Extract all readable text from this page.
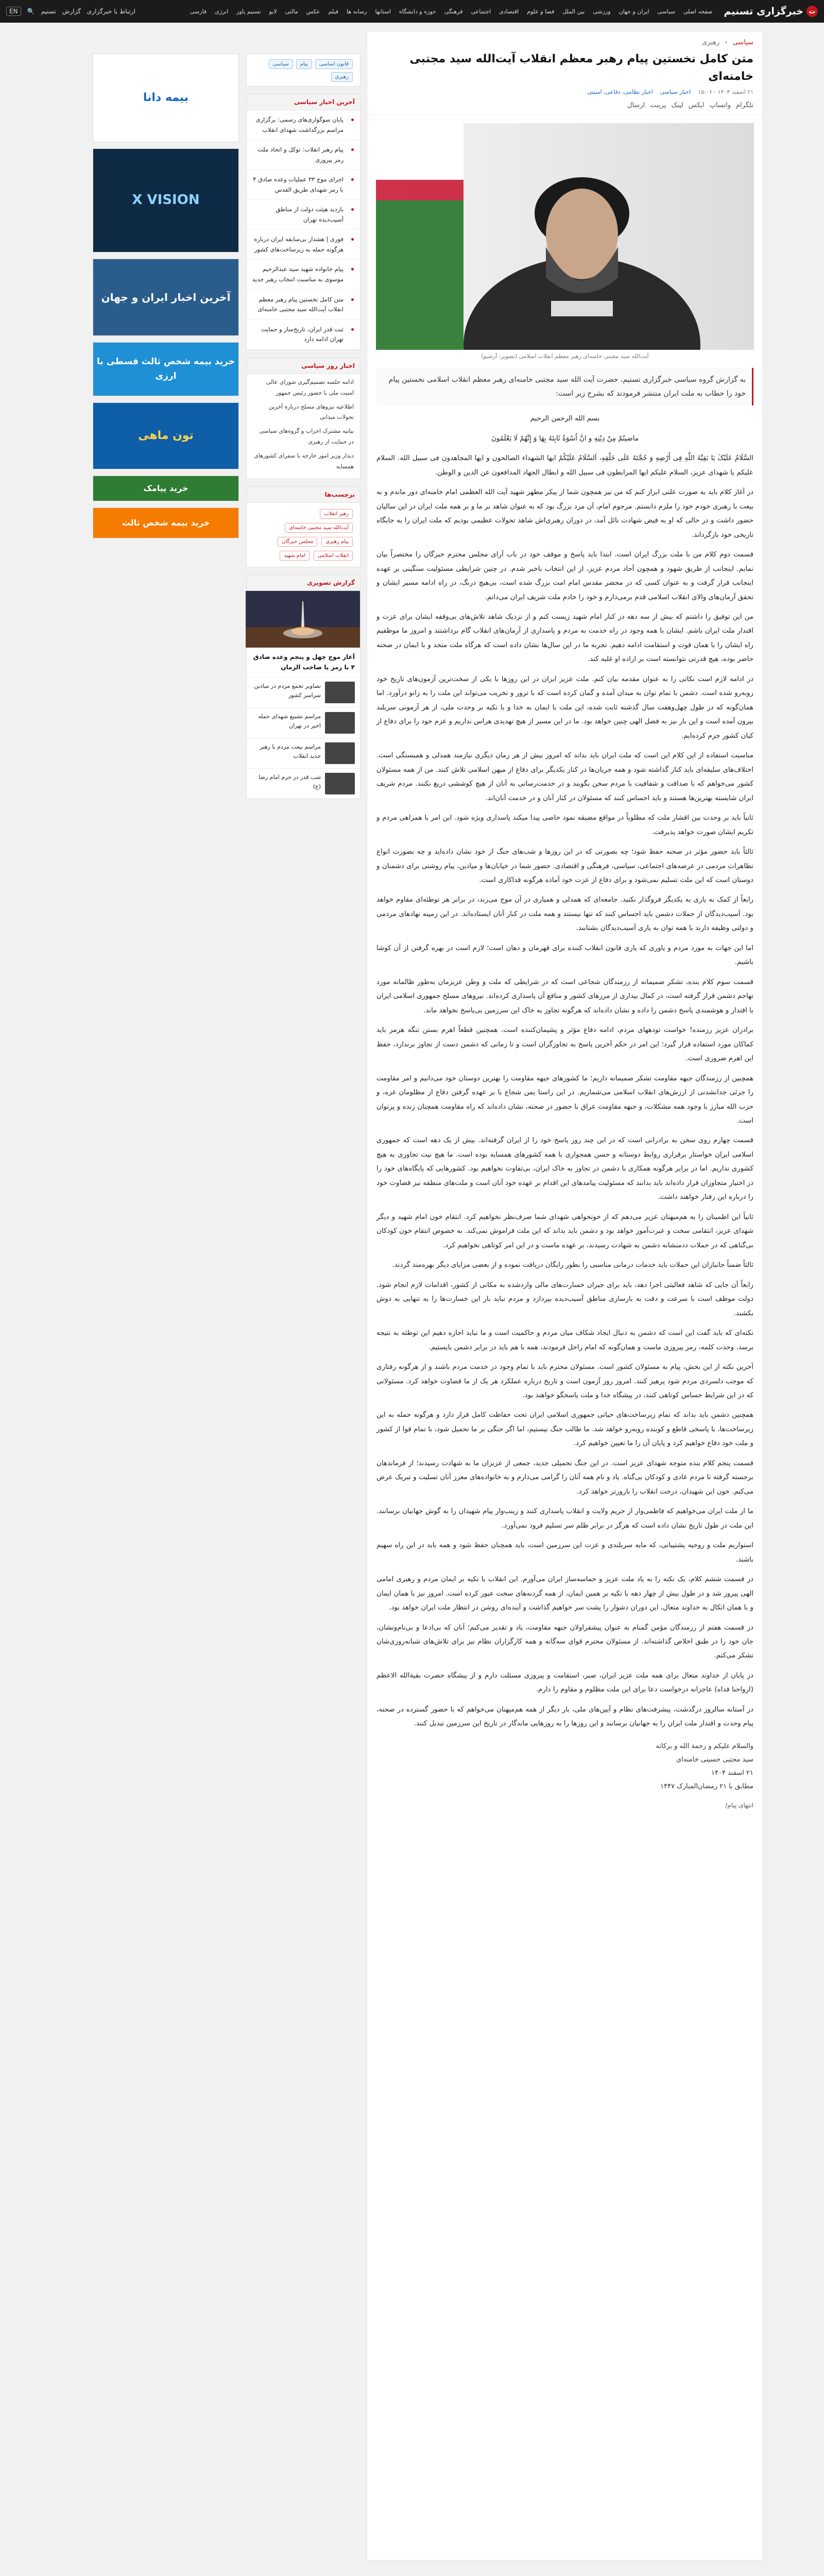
ت
خبرگزاری تسنیم
صفحه اصلی
سیاسی
ایران و جهان
ورزشی
بین الملل
فضا و علوم
اقتصادی
اجتماعی
فرهنگی
حوزه و دانشگاه
استانها
رسانه ها
فیلم
عکس
مالتی
لایو
تسنیم پاور
انرژی
فارسی
ارتباط با خبرگزاری
گزارش
تسنیم
🔍
EN
سیاسی
›
رهبری
متن کامل نخستین پیام رهبر معظم انقلاب آیت‌الله سید مجتبی خامنه‌ای
۲۱ اسفند ۱۴۰۴ - ۱۵:۰۶
اخبار سیاسی
اخبار نظامی، دفاعی، امنیتی
تلگرام
واتساپ
ایکس
لینک
پرینت
ارسال
آیت‌الله سید مجتبی خامنه‌ای رهبر معظم انقلاب اسلامی (تصویر: آرشیو)
به گزارش گروه سیاسی خبرگزاری تسنیم، حضرت آیت الله سید مجتبی خامنه‌ای رهبر معظم انقلاب اسلامی نخستین پیام خود را خطاب به ملت ایران منتشر فرمودند که بشرح زیر است:

بسم الله الرحمن الرحیم

ماضیتُمْ مِنْ دِیْنِهِ و انَّ اُسْوَةٌ ثَابِتَهُ بِهَا وَ إِنَّهُمْ لَا یَعْلَمُونَ

السَّلَامُ عَلَیْکَ یَا بَقِیَّةَ اللَّهِ فِی أَرْضِهِ وَ حُجَّتَهُ عَلَی خَلْقِهِ، اَلسَّلَامُ عَلَیْکُمْ ایها الشهداء الصالحون و ایها المجاهدون فی سبیل الله. السلام علیکم یا شهدای عزیز، السلام علیکم ایها المرابطون فی سبیل الله و ابطال الجهاد المدافعون عن الدین و الوطن.

در آغاز کلام باید به صورت علنی ابراز کنم که من نیز همچون شما از پیکر مطهر شهید آیت الله العظمی امام خامنه‌ای دور ماندم و به بیعت با رهبری خودم خود را ملزم دانستم. مرحوم امام، آن مرد بزرگ بود که به عنوان شاهد بر ما و بر همه ملت ایران در این سالیان حضور داشت و در حالی که او به فیض شهادت نائل آمد، در دوران رهبری‌اش شاهد تحولات عظیمی بودیم که ملت ایران را به جایگاه تاریخی خود بازگرداند.

قسمت دوم کلام من با ملت بزرگ ایران است. ابتدا باید پاسخ و موقف خود در باب آرای مجلس محترم خبرگان را مختصراً بیان نمایم. اینجانب از طریق شهود و همچون آحاد مردم عزیز، از این انتخاب باخبر شدم. در چنین شرایطی مسئولیت سنگینی بر عهده اینجانب قرار گرفت و به عنوان کسی که در محضر مقدس امام امت بزرگ شده است، بی‌هیچ درنگ، در راه ادامه مسیر ایشان و تحقق آرمان‌های والای انقلاب اسلامی قدم برمی‌دارم و خود را خادم ملت شریف ایران می‌دانم.

من این توفیق را داشتم که بیش از سه دهه در کنار امام شهید زیست کنم و از نزدیک شاهد تلاش‌های بی‌وقفه ایشان برای عزت و اقتدار ملت ایران باشم. ایشان با همه وجود در راه خدمت به مردم و پاسداری از آرمان‌های انقلاب گام برداشتند و امروز ما موظفیم راه ایشان را با همان قوت و استقامت ادامه دهیم. تجربه ما در این سال‌ها نشان داده است که هرگاه ملت متحد و با ایمان در صحنه حاضر بوده، هیچ قدرتی نتوانسته است بر اراده او غلبه کند.

در ادامه لازم است نکاتی را به عنوان مقدمه بیان کنم. ملت عزیز ایران در این روزها با یکی از سخت‌ترین آزمون‌های تاریخ خود روبه‌رو شده است. دشمن با تمام توان به میدان آمده و گمان کرده است که با ترور و تخریب می‌تواند این ملت را به زانو درآورد. اما همان‌گونه که در طول چهل‌وهفت سال گذشته ثابت شده، این ملت با ایمان به خدا و با تکیه بر وحدت ملی، از هر آزمونی سربلند بیرون آمده است و این بار نیز به فضل الهی چنین خواهد بود. ما در این مسیر از هیچ تهدیدی هراس نداریم و عزم خود را برای دفاع از کیان کشور جزم کرده‌ایم.

مناسبت استفاده از این کلام این است که ملت ایران باید بداند که امروز بیش از هر زمان دیگری نیازمند همدلی و همبستگی است. اختلاف‌های سلیقه‌ای باید کنار گذاشته شود و همه جریان‌ها در کنار یکدیگر برای دفاع از میهن اسلامی تلاش کنند. من از همه مسئولان کشور می‌خواهم که با صداقت و شفافیت با مردم سخن بگویند و در خدمت‌رسانی به آنان از هیچ کوششی دریغ نکنند. مردم شریف ایران شایسته بهترین‌ها هستند و باید احساس کنند که مسئولان در کنار آنان و در خدمت آنان‌اند.

ثانیاً باید بر وحدت بین اقشار ملت که مطلوباً در مواقع مضیقه نمود خاصی پیدا میکند پاسداری ویژه شود. این امر با همراهی مردم و تکریم ایشان صورت خواهد پذیرفت.

ثالثاً باید حضور مؤثر در صحنه حفظ شود؛ چه بصورتی که در این روزها و شب‌های جنگ از خود نشان داده‌اید و چه بصورت انواع تظاهرات مردمی در عرصه‌های اجتماعی، سیاسی، فرهنگی و اقتصادی. حضور شما در خیابان‌ها و میادین، پیام روشنی برای دشمنان و دوستان است که این ملت تسلیم نمی‌شود و برای دفاع از عزت خود آماده هرگونه فداکاری است.

رابعاً از کمک به یاری به یکدیگر فروگذار نکنید. جامعه‌ای که همدلی و همیاری در آن موج می‌زند، در برابر هر توطئه‌ای مقاوم خواهد بود. آسیب‌دیدگان از حملات دشمن باید احساس کنند که تنها نیستند و همه ملت در کنار آنان ایستاده‌اند. در این زمینه نهادهای مردمی و دولتی وظیفه دارند با همه توان به یاری آسیب‌دیدگان بشتابند.

اما این جهات به مورد مردم و یاوری که یاری قانون انقلاب کننده برای قهرمان و دهان است؛ لازم است در بهره گرفتن از آن کوشا باشیم.

قسمت سوم کلام بنده، تشکر صمیمانه از رزمندگان شجاعی است که در شرایطی که ملت و وطن عزیزمان به‌طور ظالمانه مورد تهاجم دشمن قرار گرفته است، در کمال بیداری از مرزهای کشور و منافع آن پاسداری کرده‌اند. نیروهای مسلح جمهوری اسلامی ایران با اقتدار و هوشمندی پاسخ دشمن را داده و نشان داده‌اند که هرگونه تجاوز به خاک این سرزمین بی‌پاسخ نخواهد ماند.

برادران عزیز رزمنده! خواست تودههای مردم، ادامه دفاع مؤثر و پشیمان‌کننده است. همچنین قطعاً اهرم بستن تنگه هرمز باید کماکان مورد استفاده قرار گیرد؛ این امر در حکم آخرین پاسخ به تجاوزگران است و تا زمانی که دشمن دست از تجاوز برندارد، حفظ این اهرم ضروری است.

همچنین از رزمندگان جبهه مقاومت تشکر صمیمانه داریم؛ ما کشورهای جبهه مقاومت را بهترین دوستان خود می‌دانیم و امر مقاومت را جزئی جدانشدنی از ارزش‌های انقلاب اسلامی می‌شماریم. در این راستا یمن شجاع با بر عهده گرفتن دفاع از مظلومان غزه، و حزب الله مبارز با وجود همه مشکلات، و جبهه مقاومت عراق با حضور در صحنه، نشان داده‌اند که راه مقاومت همچنان زنده و پرتوان است.

قسمت چهارم روی سخن به برادرانی است که در این چند روز پاسخ خود را از ایران گرفته‌اند. بیش از یک دهه است که جمهوری اسلامی ایران خواستار برقراری روابط دوستانه و حسن همجواری با همه کشورهای همسایه بوده است. ما هیچ نیت تجاوزی به هیچ کشوری نداریم. اما در برابر هرگونه همکاری با دشمن در تجاوز به خاک ایران، بی‌تفاوت نخواهیم بود. کشورهایی که پایگاه‌های خود را در اختیار متجاوزان قرار داده‌اند باید بدانند که مسئولیت پیامدهای این اقدام بر عهده خود آنان است و ملت‌های منطقه نیز قضاوت خود را درباره این رفتار خواهند داشت.

ثانیاً این اطمینان را به هم‌میهنان عزیز می‌دهم که از خونخواهی شهدای شما صرف‌نظر نخواهیم کرد. انتقام خون امام شهید و دیگر شهدای عزیز، انتقامی سخت و عبرت‌آموز خواهد بود و دشمن باید بداند که این ملت فراموش نمی‌کند. به خصوص انتقام خون کودکان بی‌گناهی که در حملات ددمنشانه دشمن به شهادت رسیدند، بر عهده ماست و در این امر کوتاهی نخواهیم کرد.

ثالثاً ضمناً جانبازان این حملات باید خدمات درمانی مناسبی را بطور رایگان دریافت نموده و از بعضی مزایای دیگر بهره‌مند گردند.

رابعاً آن جایی که شاهد فعالیتی اجرا دهد، باید برای جبران خسارت‌های مالی واردشده به مکانی از کشور، اقدامات لازم انجام شود. دولت موظف است با سرعت و دقت به بازسازی مناطق آسیب‌دیده بپردازد و مردم نباید بار این خسارت‌ها را به تنهایی به دوش بکشند.

نکته‌ای که باید گفت این است که دشمن به دنبال ایجاد شکاف میان مردم و حاکمیت است و ما نباید اجازه دهیم این توطئه به نتیجه برسد. وحدت کلمه، رمز پیروزی ماست و همان‌گونه که امام راحل فرمودند، همه با هم باید در برابر دشمن بایستیم.

آخرین نکته از این بخش، پیام به مسئولان کشور است. مسئولان محترم باید با تمام وجود در خدمت مردم باشند و از هرگونه رفتاری که موجب دلسردی مردم شود پرهیز کنند. امروز روز آزمون است و تاریخ درباره عملکرد هر یک از ما قضاوت خواهد کرد. مسئولانی که در این شرایط حساس کوتاهی کنند، در پیشگاه خدا و ملت پاسخگو خواهند بود.

همچنین دشمن باید بداند که تمام زیرساخت‌های حیاتی جمهوری اسلامی ایران تحت حفاظت کامل قرار دارد و هرگونه حمله به این زیرساخت‌ها، با پاسخی قاطع و کوبنده روبه‌رو خواهد شد. ما طالب جنگ نیستیم، اما اگر جنگی بر ما تحمیل شود، با تمام قوا از کشور و ملت خود دفاع خواهیم کرد و پایان آن را ما تعیین خواهیم کرد.

قسمت پنجم کلام بنده متوجه شهدای عزیز است. در این جنگ تحمیلی جدید، جمعی از عزیزان ما به شهادت رسیدند؛ از فرماندهان برجسته گرفته تا مردم عادی و کودکان بی‌گناه. یاد و نام همه آنان را گرامی می‌دارم و به خانواده‌های معزز آنان تسلیت و تبریک عرض می‌کنم. خون این شهیدان، درخت انقلاب را بارورتر خواهد کرد.

ما از ملت ایران می‌خواهیم که فاطمی‌وار از حریم ولایت و انقلاب پاسداری کنند و زینب‌وار پیام شهیدان را به گوش جهانیان برسانند. این ملت در طول تاریخ نشان داده است که هرگز در برابر ظلم سر تسلیم فرود نمی‌آورد.

استواریم ملت و روحیه پشتیبانی، که مایه سربلندی و عزت این سرزمین است، باید همچنان حفظ شود و همه باید در این راه سهیم باشند.

در قسمت ششم کلام، یک نکته را به یاد ملت عزیز و حماسه‌ساز ایران می‌آورم. این انقلاب با تکیه بر ایمان مردم و رهبری امامی الهی پیروز شد و در طول بیش از چهار دهه با تکیه بر همین ایمان، از همه گردنه‌های سخت عبور کرده است. امروز نیز با همان ایمان و با همان اتکال به خداوند متعال، این دوران دشوار را پشت سر خواهیم گذاشت و آینده‌ای روشن در انتظار ملت ایران خواهد بود.

در قسمت هفتم از رزمندگان مؤمن گمنام به عنوان پیشقراولان جبهه مقاومت، یاد و تقدیر می‌کنم؛ آنان که بی‌ادعا و بی‌نام‌ونشان، جان خود را در طبق اخلاص گذاشته‌اند. از مسئولان محترم قوای سه‌گانه و همه کارگزاران نظام نیز برای تلاش‌های شبانه‌روزی‌شان تشکر می‌کنم.

در پایان از خداوند متعال برای همه ملت عزیز ایران، صبر، استقامت و پیروزی مسئلت دارم و از پیشگاه حضرت بقیة‌الله الاعظم (ارواحنا فداه) عاجزانه درخواست دعا برای این ملت مظلوم و مقاوم را دارم.

در آستانه سالروز درگذشت، پیشرفت‌های نظام و آیین‌های ملی، بار دیگر از همه هم‌میهنان می‌خواهم که با حضور گسترده در صحنه، پیام وحدت و اقتدار ملت ایران را به جهانیان برسانند و این روزها را به روزهایی ماندگار در تاریخ این سرزمین تبدیل کنند.

والسلام علیکم و رحمة الله و برکاته
سید مجتبی حسینی خامنه‌ای
۲۱ اسفند ۱۴۰۴
مطابق با ۲۱ رمضان‌المبارک ۱۴۴۷
انتهای پیام/
قانون اساسیپیامسیاسیرهبری
آخرین اخبار سیاسی
•
پایان سوگواری‌های رسمی: برگزاری مراسم بزرگداشت شهدای انقلاب
•
پیام رهبر انقلاب: توکل و اتحاد ملت رمز پیروزی
•
اجرای موج ۳۳ عملیات وعده صادق ۴ با رمز شهدای طریق القدس
•
بازدید هیئت دولت از مناطق آسیب‌دیده تهران
•
فوری | هشدار بی‌سابقه ایران درباره هرگونه حمله به زیرساخت‌های کشور
•
پیام خانواده شهید سید عبدالرحیم موسوی به مناسبت انتخاب رهبر جدید
•
متن کامل نخستین پیام رهبر معظم انقلاب آیت‌الله سید مجتبی خامنه‌ای
•
ثبت قدر ایران، تاریخ‌ساز و حمایت تهران ادامه دارد
اخبار روز سیاسی

ادامه جلسه تصمیم‌گیری شورای عالی امنیت ملی با حضور رئیس جمهور

اطلاعیه نیروهای مسلح درباره آخرین تحولات میدانی

بیانیه مشترک احزاب و گروه‌های سیاسی در حمایت از رهبری

دیدار وزیر امور خارجه با سفرای کشورهای همسایه

برچسب‌ها
رهبر انقلابآیت‌الله سید مجتبی خامنه‌ایپیام رهبریمجلس خبرگانانقلاب اسلامیامام شهید
گزارش تصویری
آغاز موج چهل و پنجم وعده صادق ۴ با رمز یا صاحب الزمان
تصاویر تجمع مردم در میادین سراسر کشور
مراسم تشییع شهدای حمله اخیر در تهران
مراسم بیعت مردم با رهبر جدید انقلاب
شب قدر در حرم امام رضا (ع)
بیمه دانا
X VISION
آخرین اخبار ایران و جهان
خرید بیمه شخص ثالث قسطی با ارزی
تون ماهی
خرید پیامک
خرید بیمه شخص ثالث
